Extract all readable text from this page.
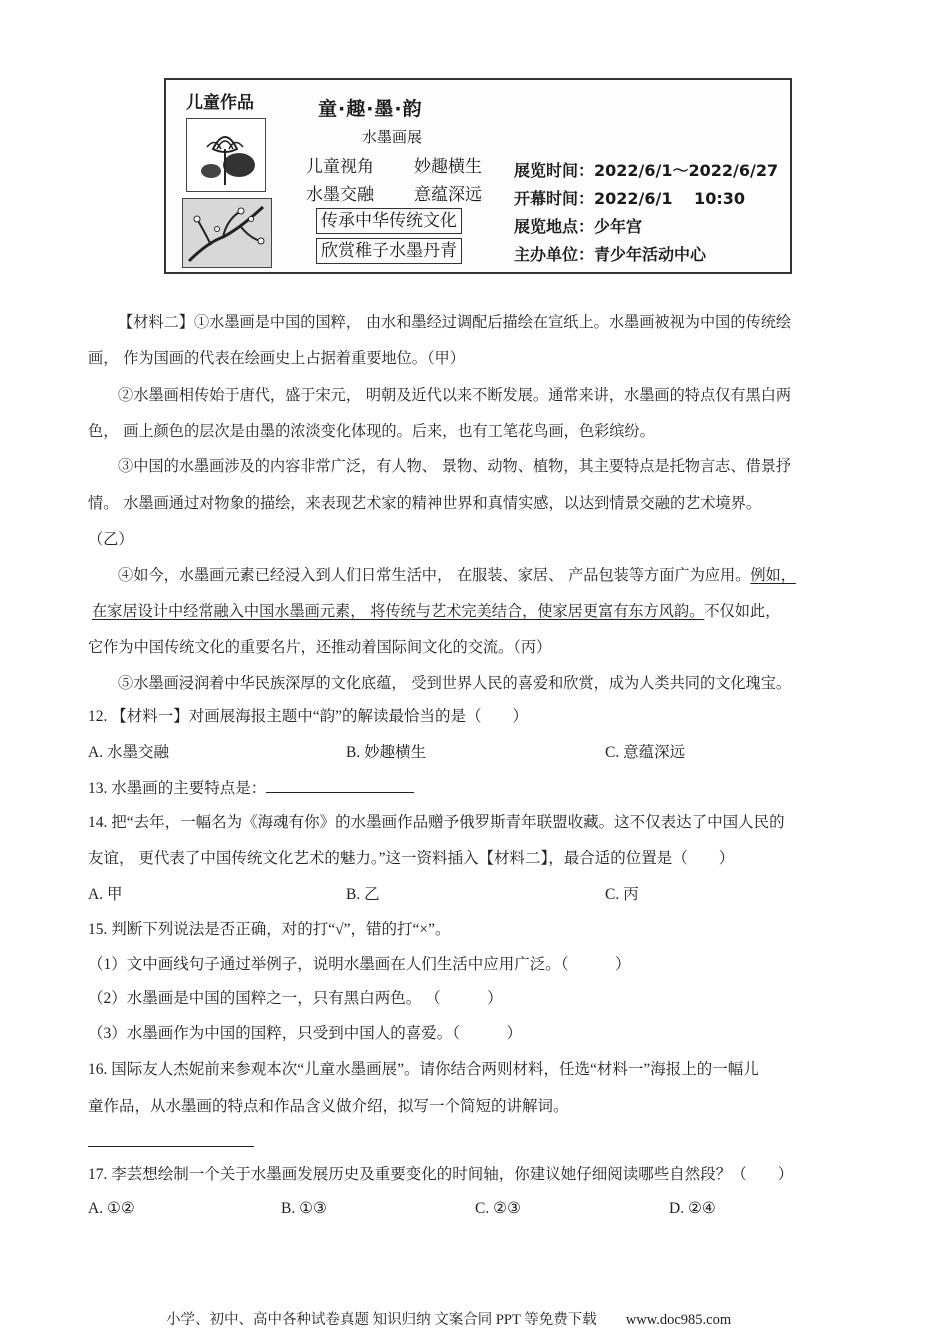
儿童作品	童·趣·墨·韵
水墨画展
儿童视角 妙趣横生
水墨交融 意蕴深远
传承中华传统文化
欣赏稚子水墨丹青
展览时间：2022/6/1～2022/6/27
开幕时间：2022/6/1　 10:30
展览地点：少年宫
主办单位：青少年活动中心
【材料二】①水墨画是中国的国粹， 由水和墨经过调配后描绘在宣纸上。水墨画被视为中国的传统绘
画， 作为国画的代表在绘画史上占据着重要地位。（甲）
②水墨画相传始于唐代，盛于宋元， 明朝及近代以来不断发展。通常来讲，水墨画的特点仅有黑白两
色， 画上颜色的层次是由墨的浓淡变化体现的。后来，也有工笔花鸟画，色彩缤纷。
③中国的水墨画涉及的内容非常广泛，有人物、 景物、动物、植物，其主要特点是托物言志、借景抒
情。 水墨画通过对物象的描绘，来表现艺术家的精神世界和真情实感，以达到情景交融的艺术境界。
（乙）
④如今，水墨画元素已经浸入到人们日常生活中， 在服装、家居、 产品包装等方面广为应用。例如，
在家居设计中经常融入中国水墨画元素， 将传统与艺术完美结合，使家居更富有东方风韵。不仅如此，
它作为中国传统文化的重要名片，还推动着国际间文化的交流。（丙）
⑤水墨画浸润着中华民族深厚的文化底蕴， 受到世界人民的喜爱和欣赏，成为人类共同的文化瑰宝。
12. 【材料一】对画展海报主题中“韵”的解读最恰当的是（　　）
A. 水墨交融	B. 妙趣横生	C. 意蕴深远
13. 水墨画的主要特点是：
14. 把“去年，一幅名为《海魂有你》的水墨画作品赠予俄罗斯青年联盟收藏。这不仅表达了中国人民的
友谊， 更代表了中国传统文化艺术的魅力。”这一资料插入【材料二】，最合适的位置是（　　）
A. 甲	B. 乙	C. 丙
15. 判断下列说法是否正确，对的打“√”，错的打“×”。
（1）文中画线句子通过举例子，说明水墨画在人们生活中应用广泛。（　　　）
（2）水墨画是中国的国粹之一，只有黑白两色。 （　　　）
（3）水墨画作为中国的国粹，只受到中国人的喜爱。（　　　）
16. 国际友人杰妮前来参观本次“儿童水墨画展”。请你结合两则材料，任选“材料一”海报上的一幅儿
童作品，从水墨画的特点和作品含义做介绍，拟写一个简短的讲解词。
17. 李芸想绘制一个关于水墨画发展历史及重要变化的时间轴，你建议她仔细阅读哪些自然段？（　　）
A. ①②	B. ①③	C. ②③	D. ②④
小学、初中、高中各种试卷真题 知识归纳 文案合同 PPT 等免费下载　　www.doc985.com
